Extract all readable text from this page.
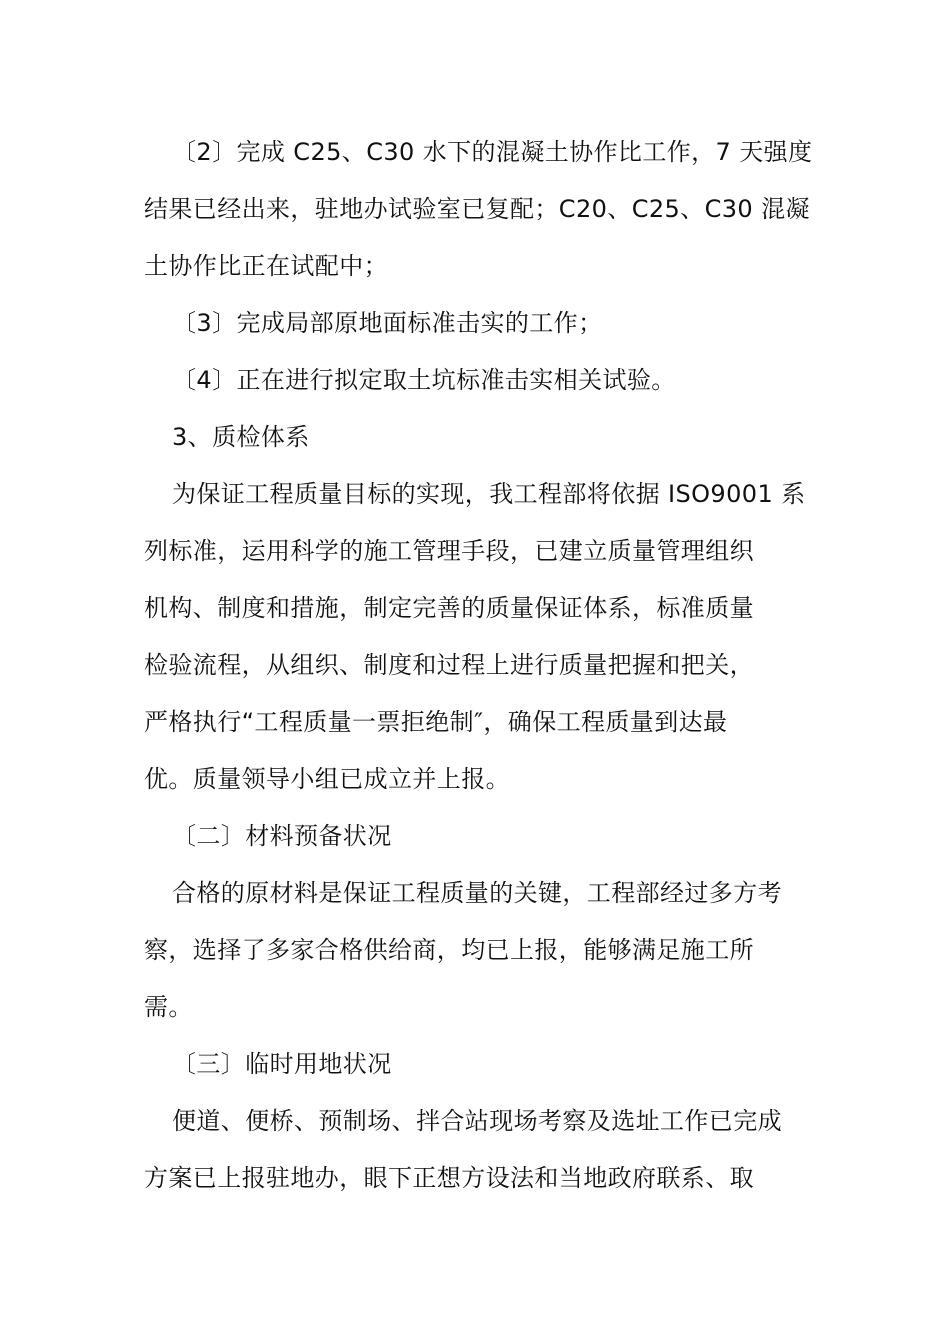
〔2〕完成 C25、C30 水下的混凝土协作比工作，7 天强度
结果已经出来，驻地办试验室已复配；C20、C25、C30 混凝
土协作比正在试配中；
〔3〕完成局部原地面标准击实的工作；
〔4〕正在进行拟定取土坑标准击实相关试验。
3、质检体系
为保证工程质量目标的实现，我工程部将依据 ISO9001 系
列标准，运用科学的施工管理手段，已建立质量管理组织
机构、制度和措施，制定完善的质量保证体系，标准质量
检验流程，从组织、制度和过程上进行质量把握和把关，
严格执行“工程质量一票拒绝制″，确保工程质量到达最
优。质量领导小组已成立并上报。
〔二〕材料预备状况
合格的原材料是保证工程质量的关键，工程部经过多方考
察，选择了多家合格供给商，均已上报，能够满足施工所
需。
〔三〕临时用地状况
便道、便桥、预制场、拌合站现场考察及选址工作已完成
方案已上报驻地办，眼下正想方设法和当地政府联系、取
